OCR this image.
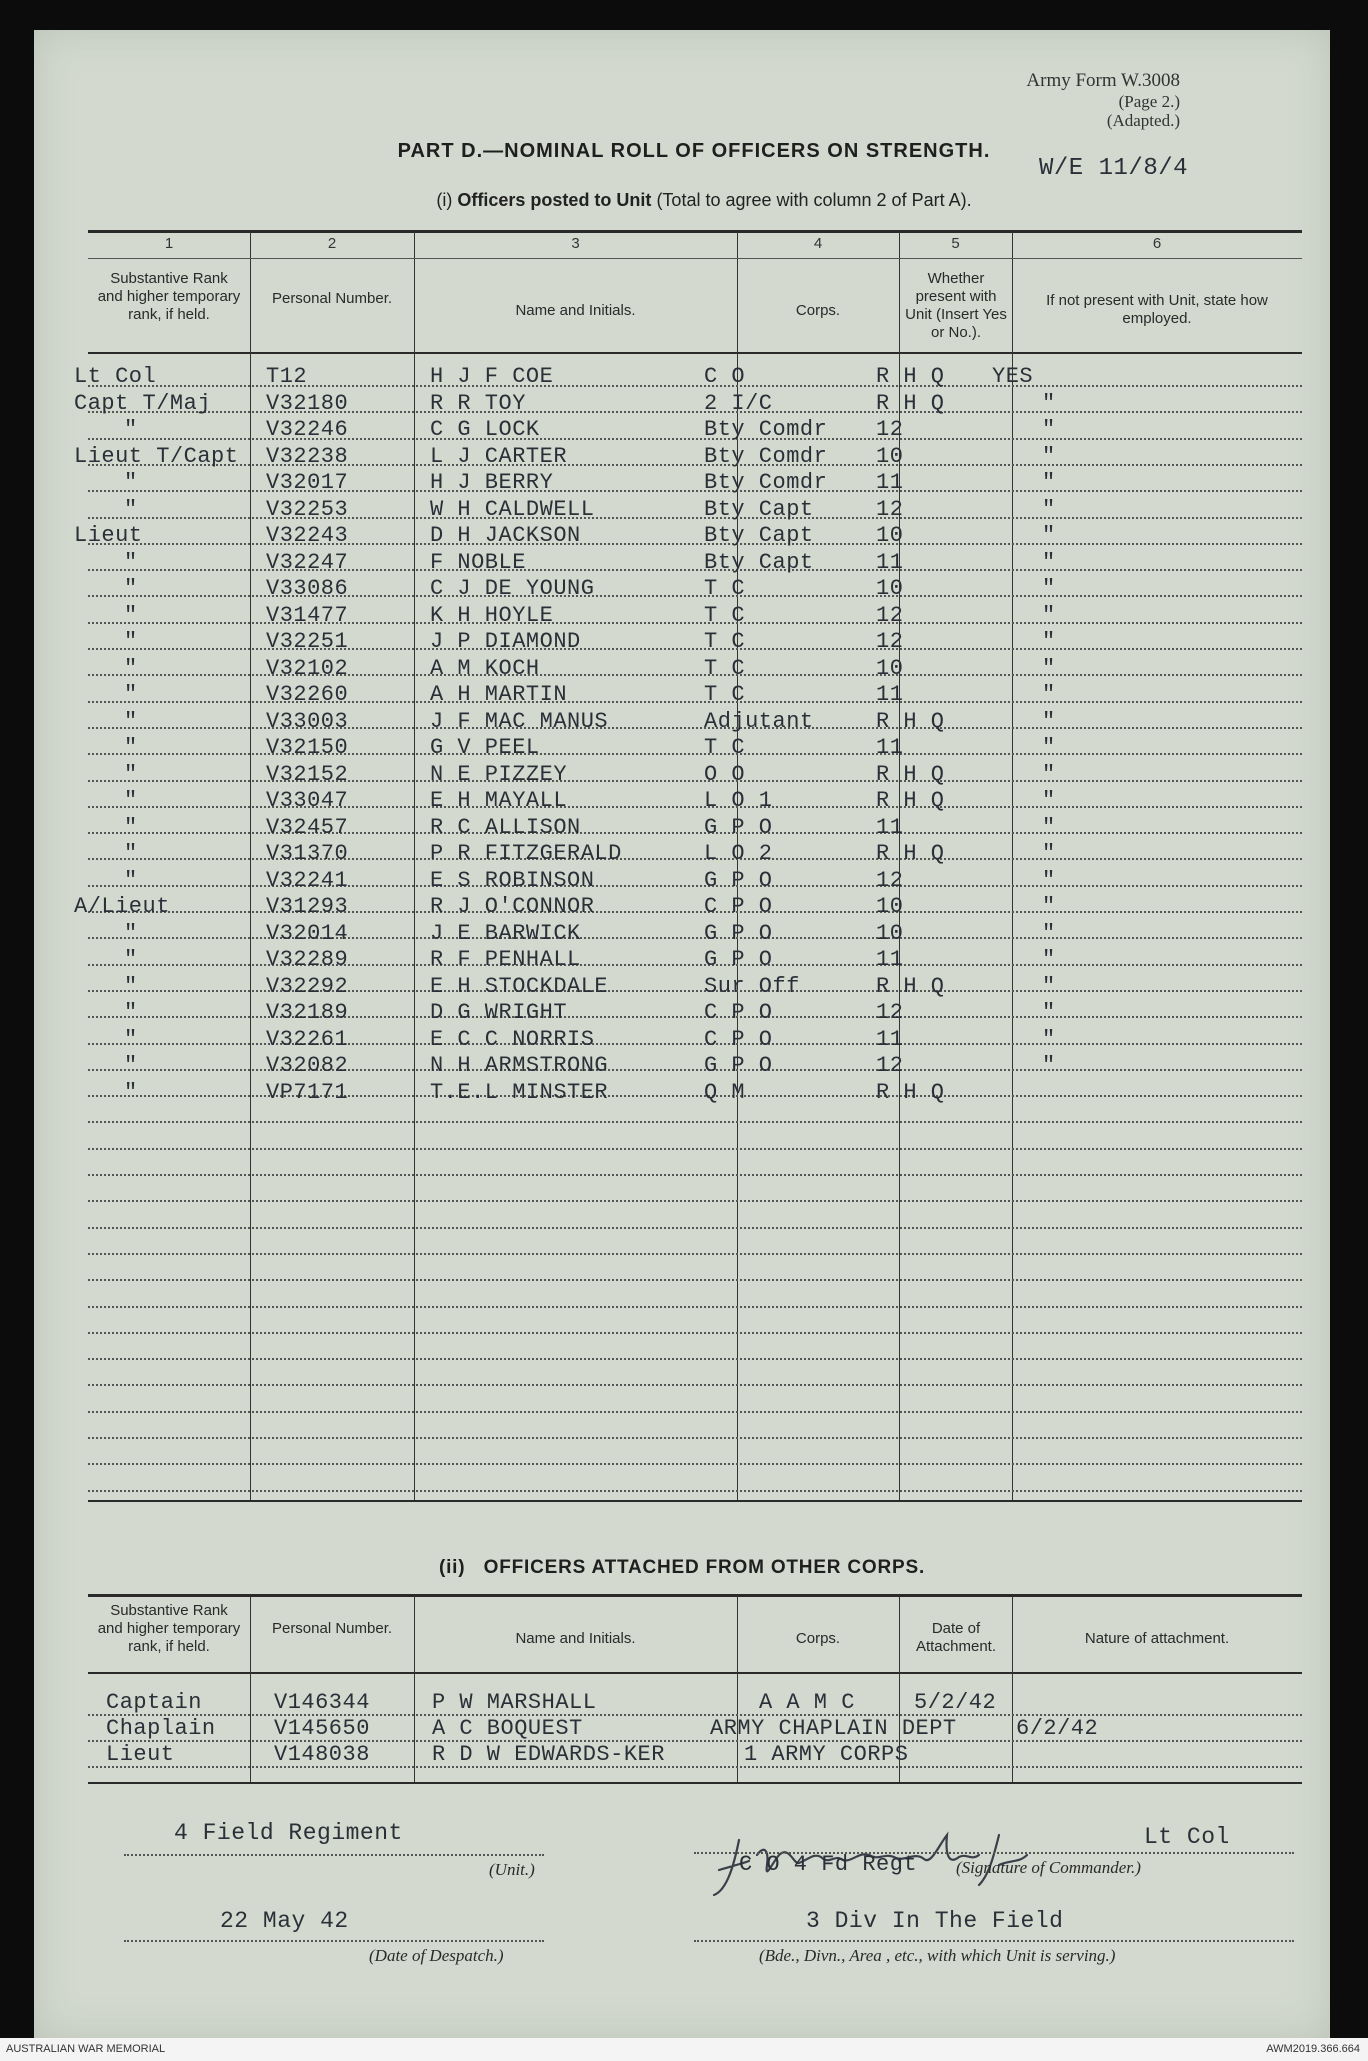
Army Form W.3008
(Page 2.)
(Adapted.)
PART D.—NOMINAL ROLL OF OFFICERS ON STRENGTH.
W/E 11/8/4
(i) Officers posted to Unit (Total to agree with column 2 of Part A).
1	2	3	4	5	6
Substantive Rank and higher temporary rank, if held.
Personal Number.
Name and Initials.	Corps.
Whether present with Unit (Insert Yes or No.).
If not present with Unit, state how employed.
Lt Col	T12	H J F COE	C O	R H Q YES
Capt T/Maj V32180	R R TOY	2 I/C	R H Q	"
"	V32246	C G LOCK	Bty Comdr 12	"
Lieut T/Capt V32238	L J CARTER	Bty Comdr 10	"
"	V32017	H J BERRY	Bty Comdr 11	"
"	V32253	W H CALDWELL	Bty Capt	12	"
Lieut	V32243	D H JACKSON	Bty Capt	10	"
"	V32247	F NOBLE	Bty Capt	11	"
"	V33086	C J DE YOUNG	T C	10	"
"	V31477	K H HOYLE	T C	12	"
"	V32251	J P DIAMOND	T C	12	"
"	V32102	A M KOCH	T C	10	"
"	V32260	A H MARTIN	T C	11	"
"	V33003	J F MAC MANUS	Adjutant	R H Q	"
"	V32150	G V PEEL	T C	11	"
"	V32152	N E PIZZEY	O O	R H Q	"
"	V33047	E H MAYALL	L O 1	R H Q	"
"	V32457	R C ALLISON	G P O	11	"
"	V31370	P R FITZGERALD	L O 2	R H Q	"
"	V32241	E S ROBINSON	G P O	12	"
A/Lieut	V31293	R J O'CONNOR	C P O	10	"
"	V32014	J E BARWICK	G P O	10	"
"	V32289	R F PENHALL	G P O	11	"
"	V32292	E H STOCKDALE	Sur Off	R H Q	"
"	V32189	D G WRIGHT	C P O	12	"
"	V32261	E C C NORRIS	C P O	11	"
"	V32082	N H ARMSTRONG	G P O	12	"
"	VP7171	T.E.L MINSTER	Q M	R H Q
(ii) OFFICERS ATTACHED FROM OTHER CORPS.
Substantive Rank and higher temporary rank, if held.
Personal Number.
Name and Initials.	Corps.
Date of Attachment.	Nature of attachment.
Captain	V146344	P W MARSHALL	A A M C	5/2/42
Chaplain	V145650	A C BOQUEST	ARMY CHAPLAIN DEPT	6/2/42
Lieut	V148038	R D W EDWARDS-KER	1 ARMY CORPS
4 Field Regiment
(Unit.)
Lt Col
C O 4 Fd Regt (Signature of Commander.)
22 May 42
(Date of Despatch.)
3 Div In The Field
(Bde., Divn., Area , etc., with which Unit is serving.)
AUSTRALIAN WAR MEMORIAL	AWM2019.366.664
